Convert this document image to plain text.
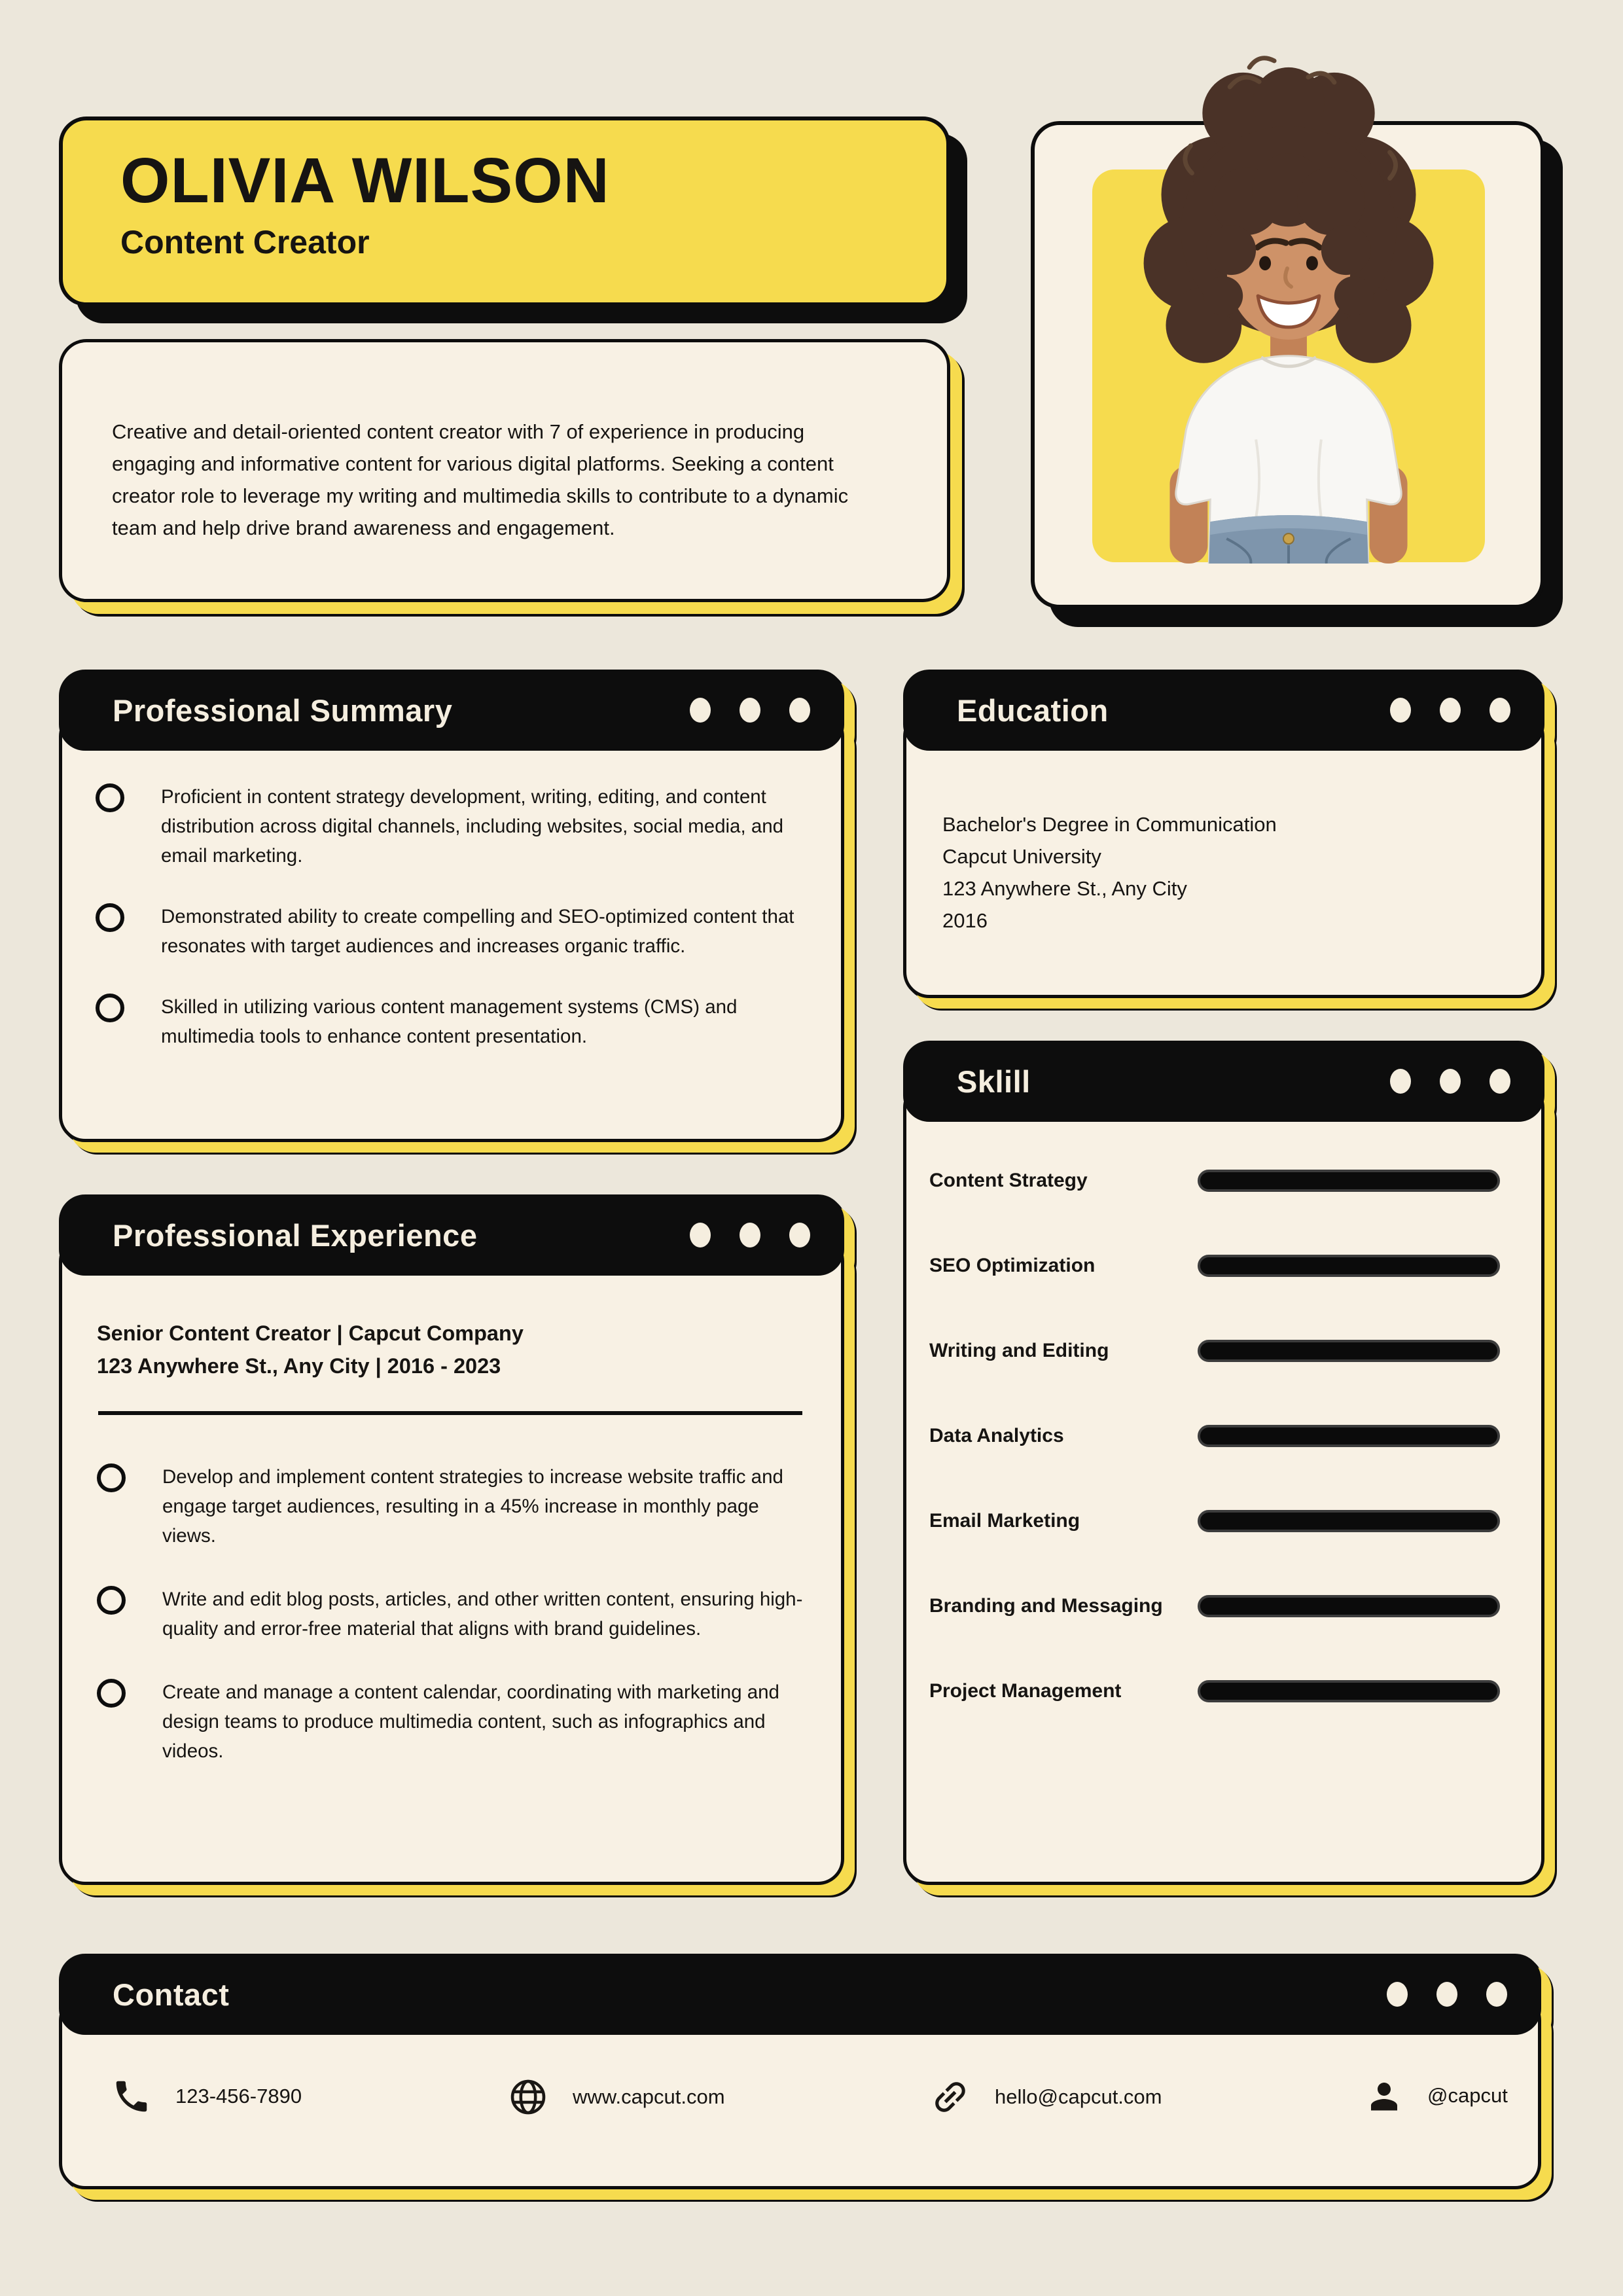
OLIVIA WILSON
Content Creator

Creative and detail-oriented content creator with 7 of experience in producing engaging and informative content for various digital platforms. Seeking a content creator role to leverage my writing and multimedia skills to contribute to a dynamic team and help drive brand awareness and engagement.

Professional Summary

Proficient in content strategy development, writing, editing, and content distribution across digital channels, including websites, social media, and email marketing.

Demonstrated ability to create compelling and SEO-optimized content that resonates with target audiences and increases organic traffic.

Skilled in utilizing various content management systems (CMS) and multimedia tools to enhance content presentation.

Education
Bachelor's Degree in Communication
Capcut University
123 Anywhere St., Any City
2016
Professional Experience
Senior Content Creator | Capcut Company
123 Anywhere St., Any City | 2016 - 2023

Develop and implement content strategies to increase website traffic and engage target audiences, resulting in a 45% increase in monthly page views.

Write and edit blog posts, articles, and other written content, ensuring high-quality and error-free material that aligns with brand guidelines.

Create and manage a content calendar, coordinating with marketing and design teams to produce multimedia content, such as infographics and videos.

Sklill
Content Strategy
SEO Optimization
Writing and Editing
Data Analytics
Email Marketing
Branding and Messaging
Project Management
Contact
123-456-7890	www.capcut.com	hello@capcut.com	@capcut
